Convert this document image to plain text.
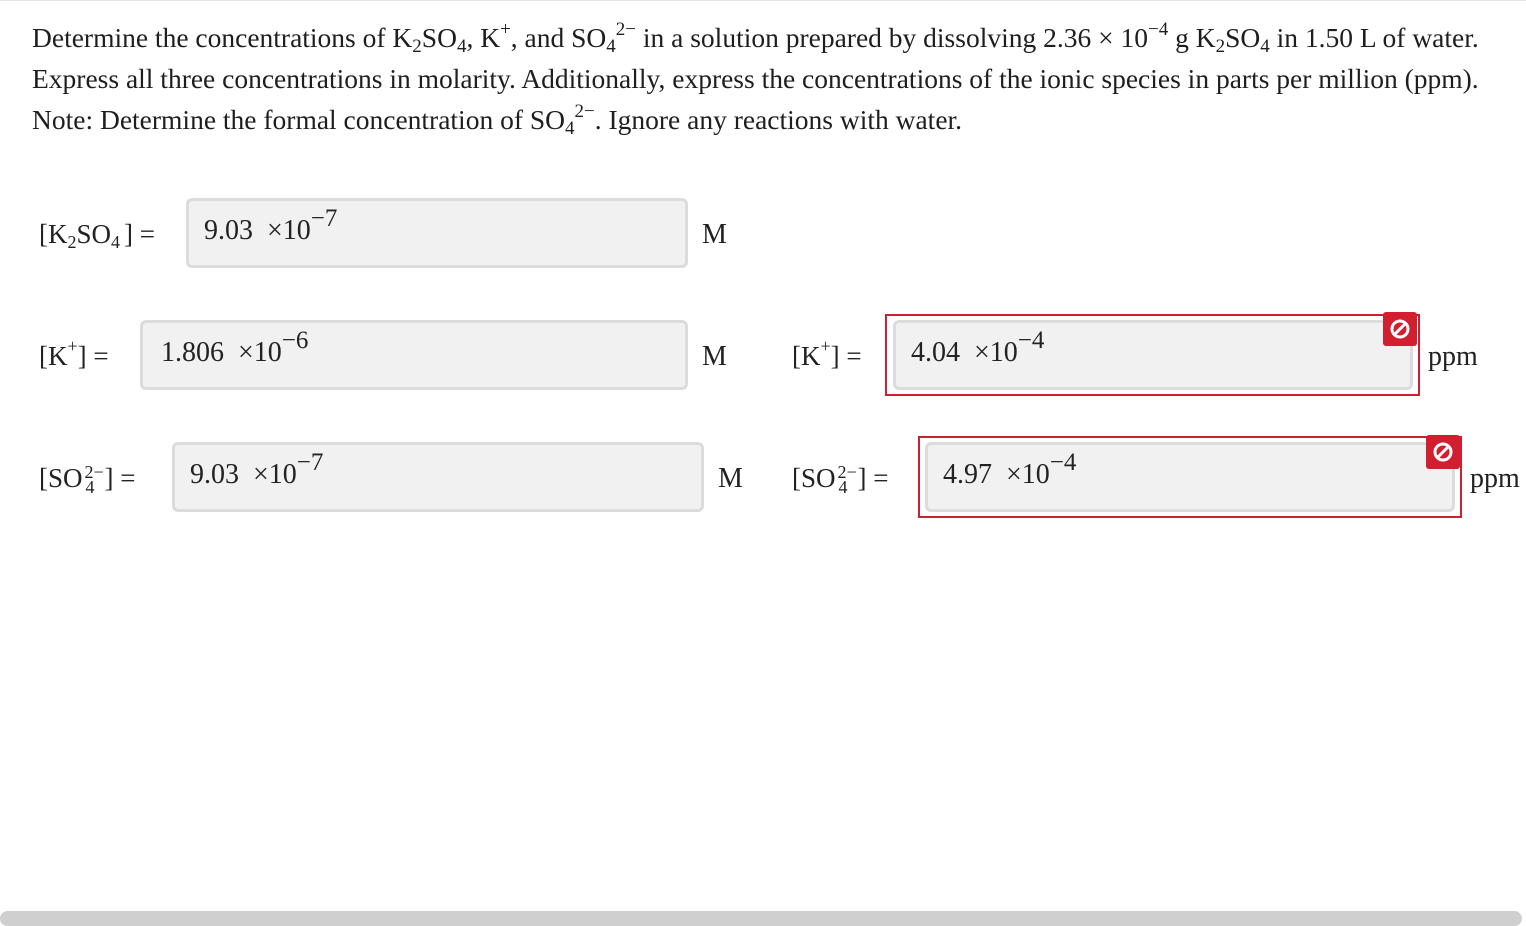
Determine the concentrations of $K_2SO_4$, K+, and $SO_4^{2-}$ in a solution prepared by dissolving $2.36 \times 10^{-4}$ g $K_2SO_4$ in 1.50 L of water. Express all three concentrations in molarity. Additionally, express the concentrations of the ionic species in parts per million (ppm). Note: Determine the formal concentration of $SO_4^{2-}$. Ignore any reactions with water.
[K 2 SO 4 ] = 9.03 ×10−7
M
[K + ] = 1.806 ×10−6
M [K + ] = 4.04 ×10−4
ppm
[SO 2−
4 ] = 9.03 ×10−7
M [SO 2−
4 ] = 4.97 ×10−4
ppm
